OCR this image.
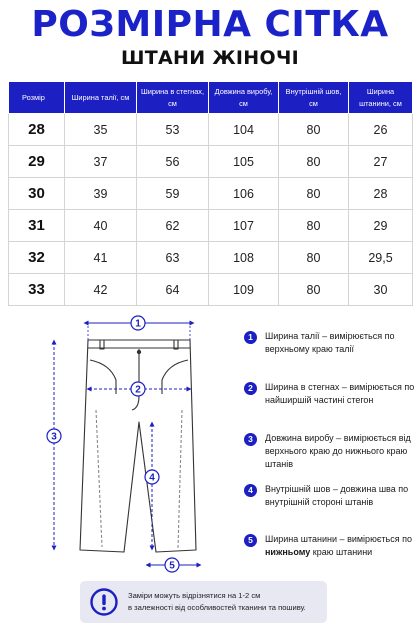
РОЗМІРНА СІТКА
ШТАНИ ЖІНОЧІ
Розмір	Ширина талії, см	Ширина в стегнах, см	Довжина виробу, см	Внутрішній шов, см	Ширина штанини, см
28	35	53	104	80	26
29	37	56	105	80	27
30	39	59	106	80	28
31	40	62	107	80	29
32	41	63	108	80	29,5
33	42	64	109	80	30
1
2
3
4
5
1	Ширина талії – вимірюється по верхньому краю талії
2	Ширина в стегнах – вимірюється по найширшій частині стегон
3	Довжина виробу – вимірюється від верхнього краю до нижнього краю штанів
4	Внутрішній шов – довжина шва по внутрішній стороні штанів
5	Ширина штанини – вимірюється по нижньому краю штанини
Заміри можуть відрізнятися на 1-2 см
в залежності від особливостей тканини та пошиву.
